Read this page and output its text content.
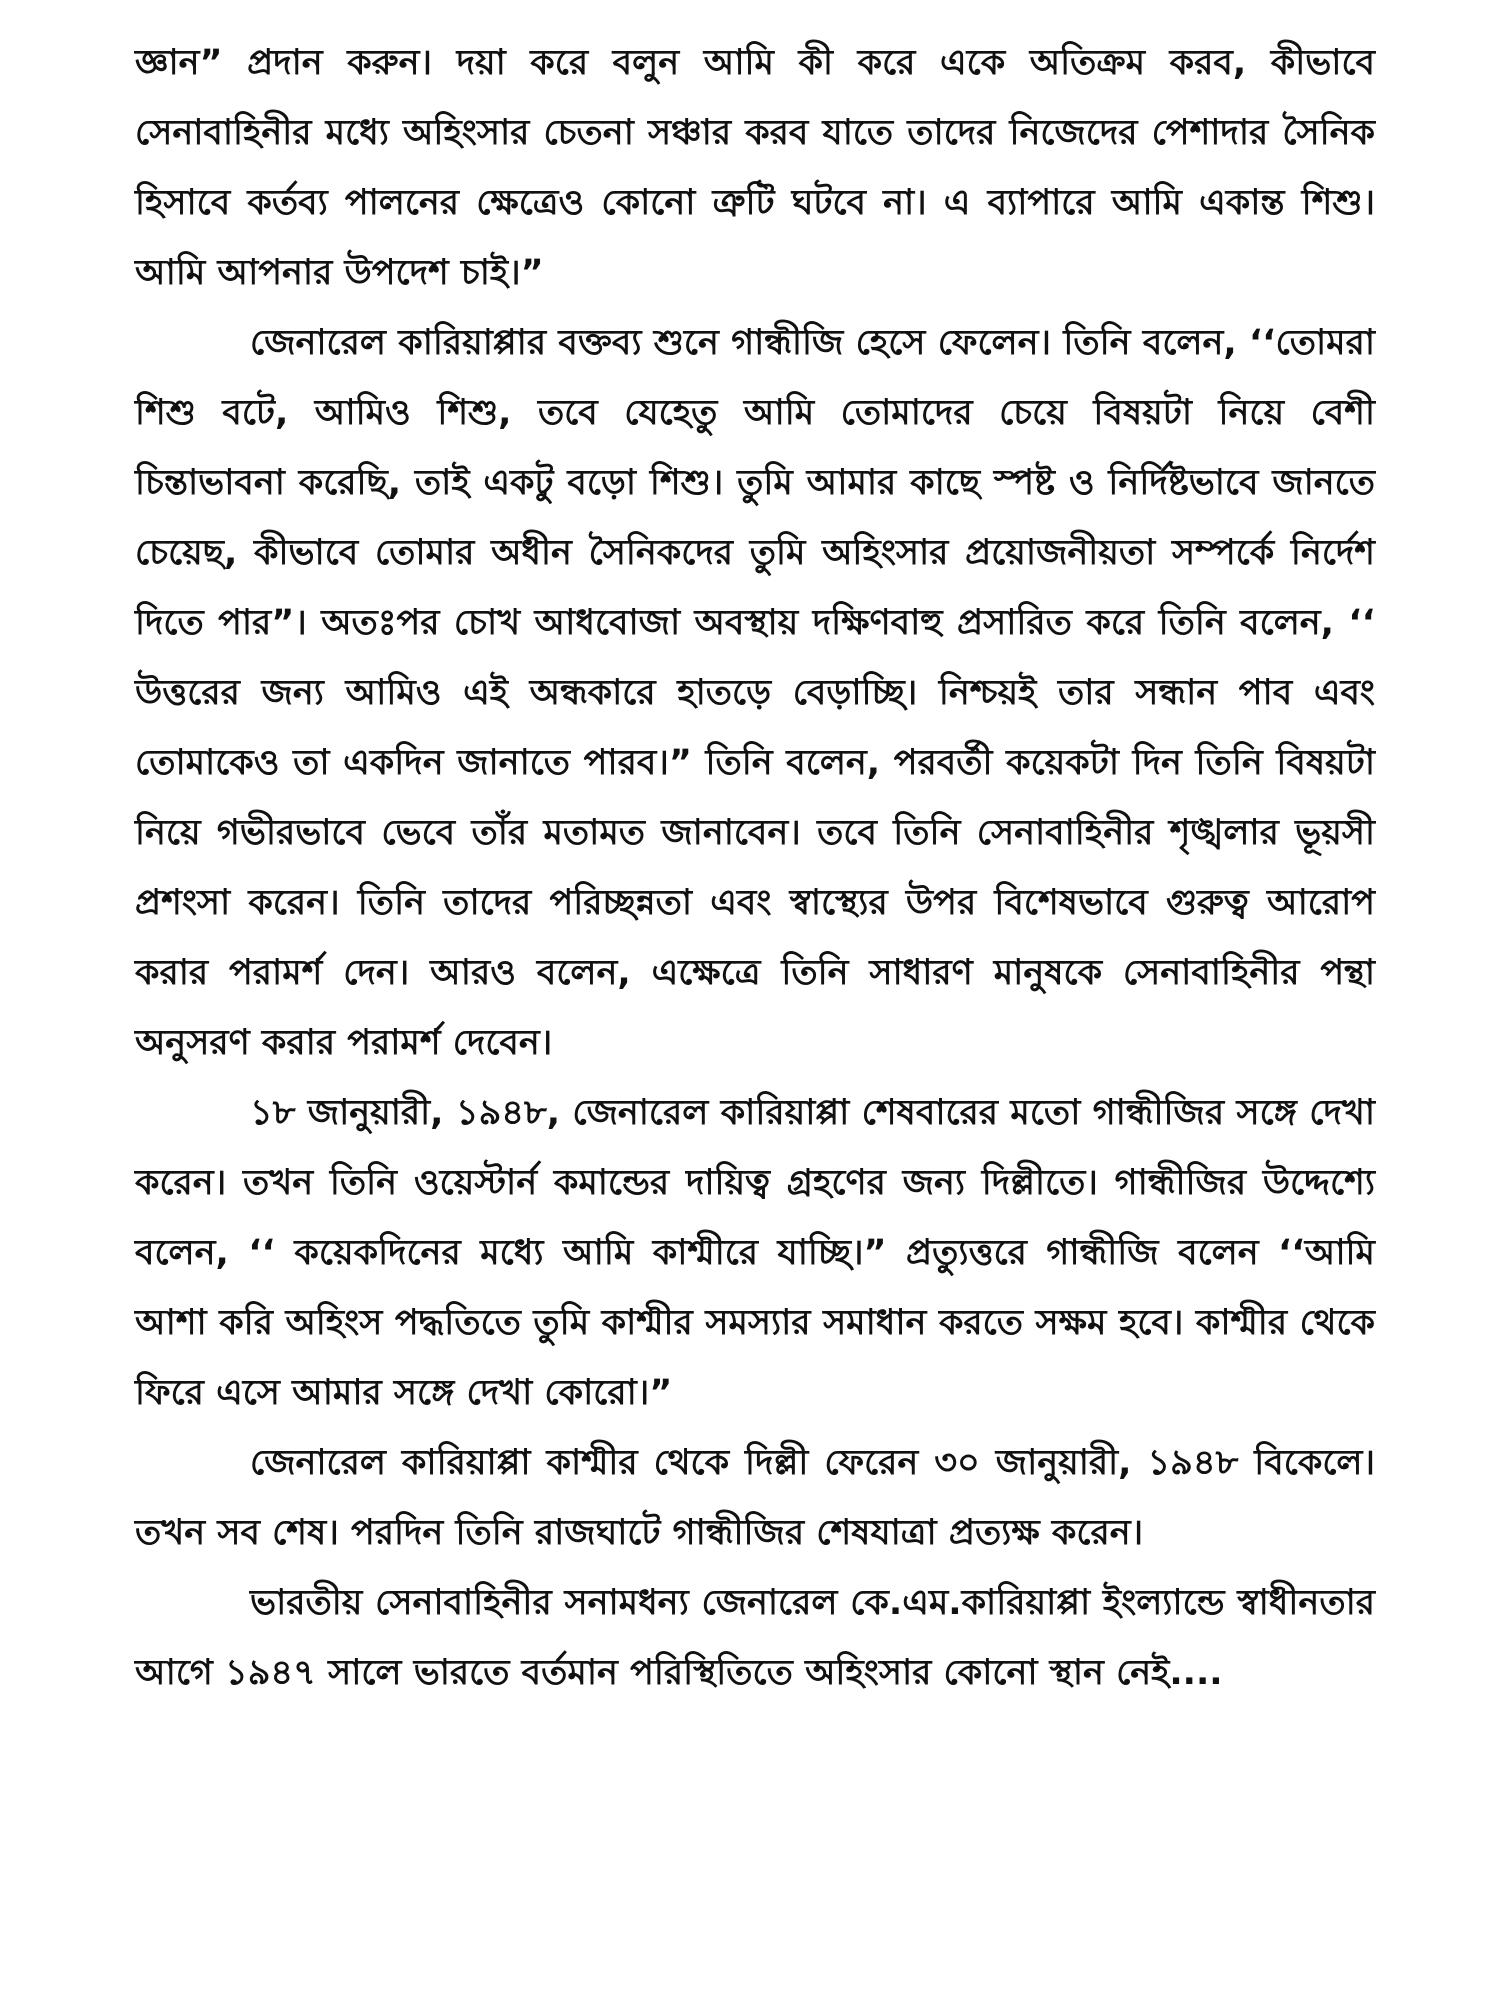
জ্ঞান” প্রদান করুন। দয়া করে বলুন আমি কী করে একে অতিক্রম করব, কীভাবে সেনাবাহিনীর মধ্যে অহিংসার চেতনা সঞ্চার করব যাতে তাদের নিজেদের পেশাদার সৈনিক হিসাবে কর্তব্য পালনের ক্ষেত্রেও কোনো ত্রুটি ঘটবে না। এ ব্যাপারে আমি একান্ত শিশু। আমি আপনার উপদেশ চাই।”

জেনারেল কারিয়াপ্পার বক্তব্য শুনে গান্ধীজি হেসে ফেলেন। তিনি বলেন, ‘‘তোমরা শিশু বটে, আমিও শিশু, তবে যেহেতু আমি তোমাদের চেয়ে বিষয়টা নিয়ে বেশী চিন্তাভাবনা করেছি, তাই একটু বড়ো শিশু। তুমি আমার কাছে স্পষ্ট ও নির্দিষ্টভাবে জানতে চেয়েছ, কীভাবে তোমার অধীন সৈনিকদের তুমি অহিংসার প্রয়োজনীয়তা সম্পর্কে নির্দেশ দিতে পার”। অতঃপর চোখ আধবোজা অবস্থায় দক্ষিণবাহু প্রসারিত করে তিনি বলেন, ‘‘ উত্তরের জন্য আমিও এই অন্ধকারে হাতড়ে বেড়াচ্ছি। নিশ্চয়ই তার সন্ধান পাব এবং তোমাকেও তা একদিন জানাতে পারব।” তিনি বলেন, পরবর্তী কয়েকটা দিন তিনি বিষয়টা নিয়ে গভীরভাবে ভেবে তাঁর মতামত জানাবেন। তবে তিনি সেনাবাহিনীর শৃঙ্খলার ভূয়সী প্রশংসা করেন। তিনি তাদের পরিচ্ছন্নতা এবং স্বাস্থ্যের উপর বিশেষভাবে গুরুত্ব আরোপ করার পরামর্শ দেন। আরও বলেন, এক্ষেত্রে তিনি সাধারণ মানুষকে সেনাবাহিনীর পন্থা অনুসরণ করার পরামর্শ দেবেন।

১৮ জানুয়ারী, ১৯৪৮, জেনারেল কারিয়াপ্পা শেষবারের মতো গান্ধীজির সঙ্গে দেখা করেন। তখন তিনি ওয়েস্টার্ন কমান্ডের দায়িত্ব গ্রহণের জন্য দিল্লীতে। গান্ধীজির উদ্দেশ্যে বলেন, ‘‘ কয়েকদিনের মধ্যে আমি কাশ্মীরে যাচ্ছি।” প্রত্যুত্তরে গান্ধীজি বলেন ‘‘আমি আশা করি অহিংস পদ্ধতিতে তুমি কাশ্মীর সমস্যার সমাধান করতে সক্ষম হবে। কাশ্মীর থেকে ফিরে এসে আমার সঙ্গে দেখা কোরো।”

জেনারেল কারিয়াপ্পা কাশ্মীর থেকে দিল্লী ফেরেন ৩০ জানুয়ারী, ১৯৪৮ বিকেলে। তখন সব শেষ। পরদিন তিনি রাজঘাটে গান্ধীজির শেষযাত্রা প্রত্যক্ষ করেন।

ভারতীয় সেনাবাহিনীর সনামধন্য জেনারেল কে.এম.কারিয়াপ্পা ইংল্যান্ডে স্বাধীনতার আগে ১৯৪৭ সালে ভারতে বর্তমান পরিস্থিতিতে অহিংসার কোনো স্থান নেই....
